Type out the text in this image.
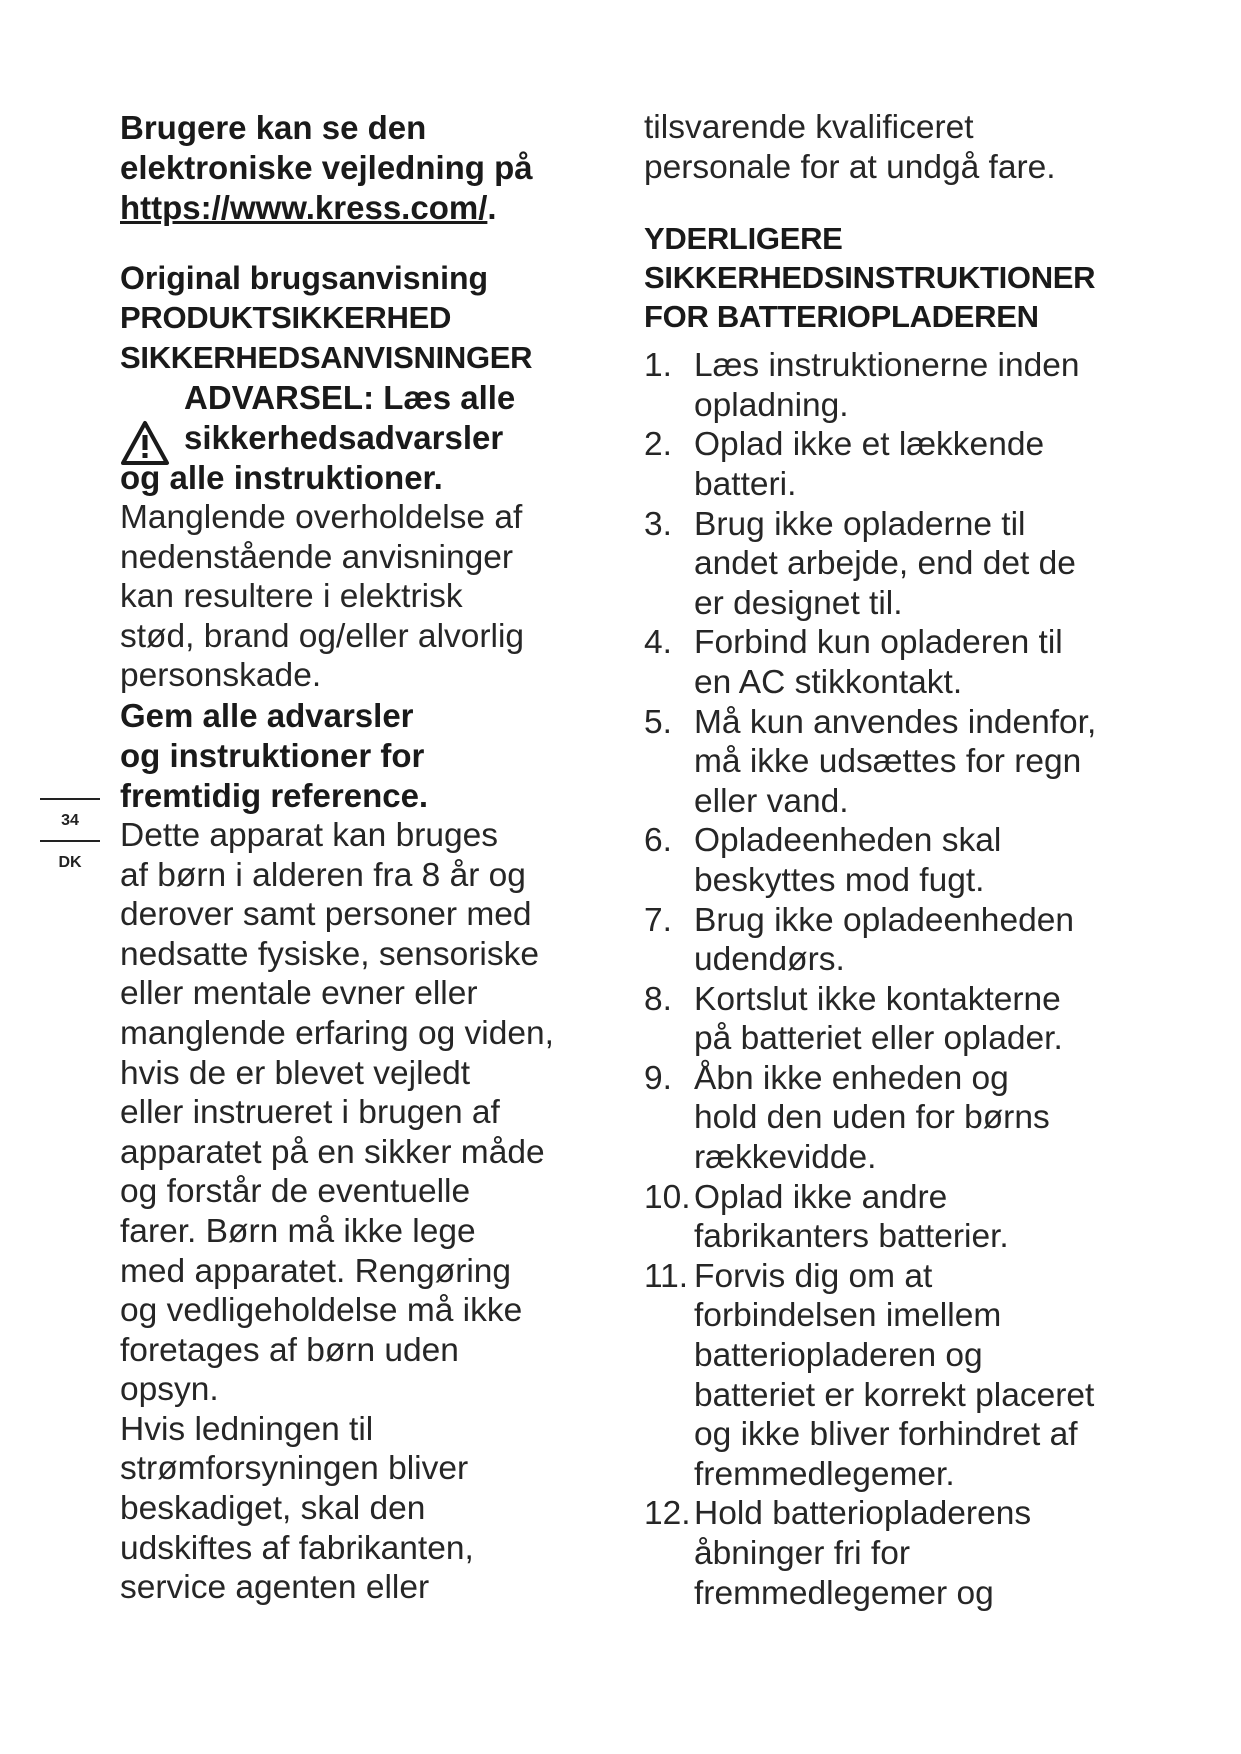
Brugere kan se den
elektroniske vejledning på
https://www.kress.com/.

Original brugsanvisning
PRODUKTSIKKERHED
SIKKERHEDSANVISNINGER
ADVARSEL: Læs alle
sikkerhedsadvarsler
og alle instruktioner.
Manglende overholdelse af
nedenstående anvisninger
kan resultere i elektrisk
stød, brand og/eller alvorlig
personskade.
Gem alle advarsler
og instruktioner for
fremtidig reference.
Dette apparat kan bruges
af børn i alderen fra 8 år og
derover samt personer med
nedsatte fysiske, sensoriske
eller mentale evner eller
manglende erfaring og viden,
hvis de er blevet vejledt
eller instrueret i brugen af
apparatet på en sikker måde
og forstår de eventuelle
farer. Børn må ikke lege
med apparatet. Rengøring
og vedligeholdelse må ikke
foretages af børn uden
opsyn.
Hvis ledningen til
strømforsyningen bliver
beskadiget, skal den
udskiftes af fabrikanten,
service agenten eller
34
DK
tilsvarende kvalificeret
personale for at undgå fare.
YDERLIGERE
SIKKERHEDSINSTRUKTIONER
FOR BATTERIOPLADEREN
1. Læs instruktionerne inden
opladning.
2. Oplad ikke et lækkende
batteri.
3. Brug ikke opladerne til
andet arbejde, end det de
er designet til.
4. Forbind kun opladeren til
en AC stikkontakt.
5. Må kun anvendes indenfor,
må ikke udsættes for regn
eller vand.
6. Opladeenheden skal
beskyttes mod fugt.
7. Brug ikke opladeenheden
udendørs.
8. Kortslut ikke kontakterne
på batteriet eller oplader.
9. Åbn ikke enheden og
hold den uden for børns
rækkevidde.
10. Oplad ikke andre
fabrikanters batterier.
11. Forvis dig om at
forbindelsen imellem
batteriopladeren og
batteriet er korrekt placeret
og ikke bliver forhindret af
fremmedlegemer.
12. Hold batteriopladerens
åbninger fri for
fremmedlegemer og
